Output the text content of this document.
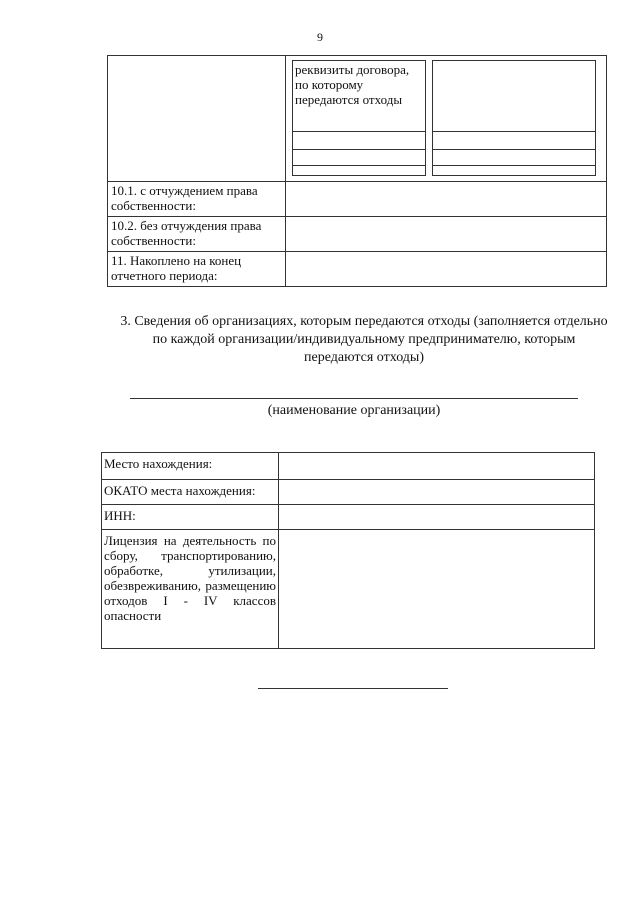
9
реквизиты договора, по которому передаются отходы
10.1. с отчуждением права собственности:
10.2. без отчуждения права собственности:
11. Накоплено на конец отчетного периода:
3. Сведения об организациях, которым передаются отходы (заполняется отдельно по каждой организации/индивидуальному предпринимателю, которым передаются отходы)
(наименование организации)
Место нахождения:
ОКАТО места нахождения:
ИНН:
Лицензия на деятельность по сбору, транспортированию, обработке, утилизации, обезвреживанию, размещению отходов I - IV классов опасности
